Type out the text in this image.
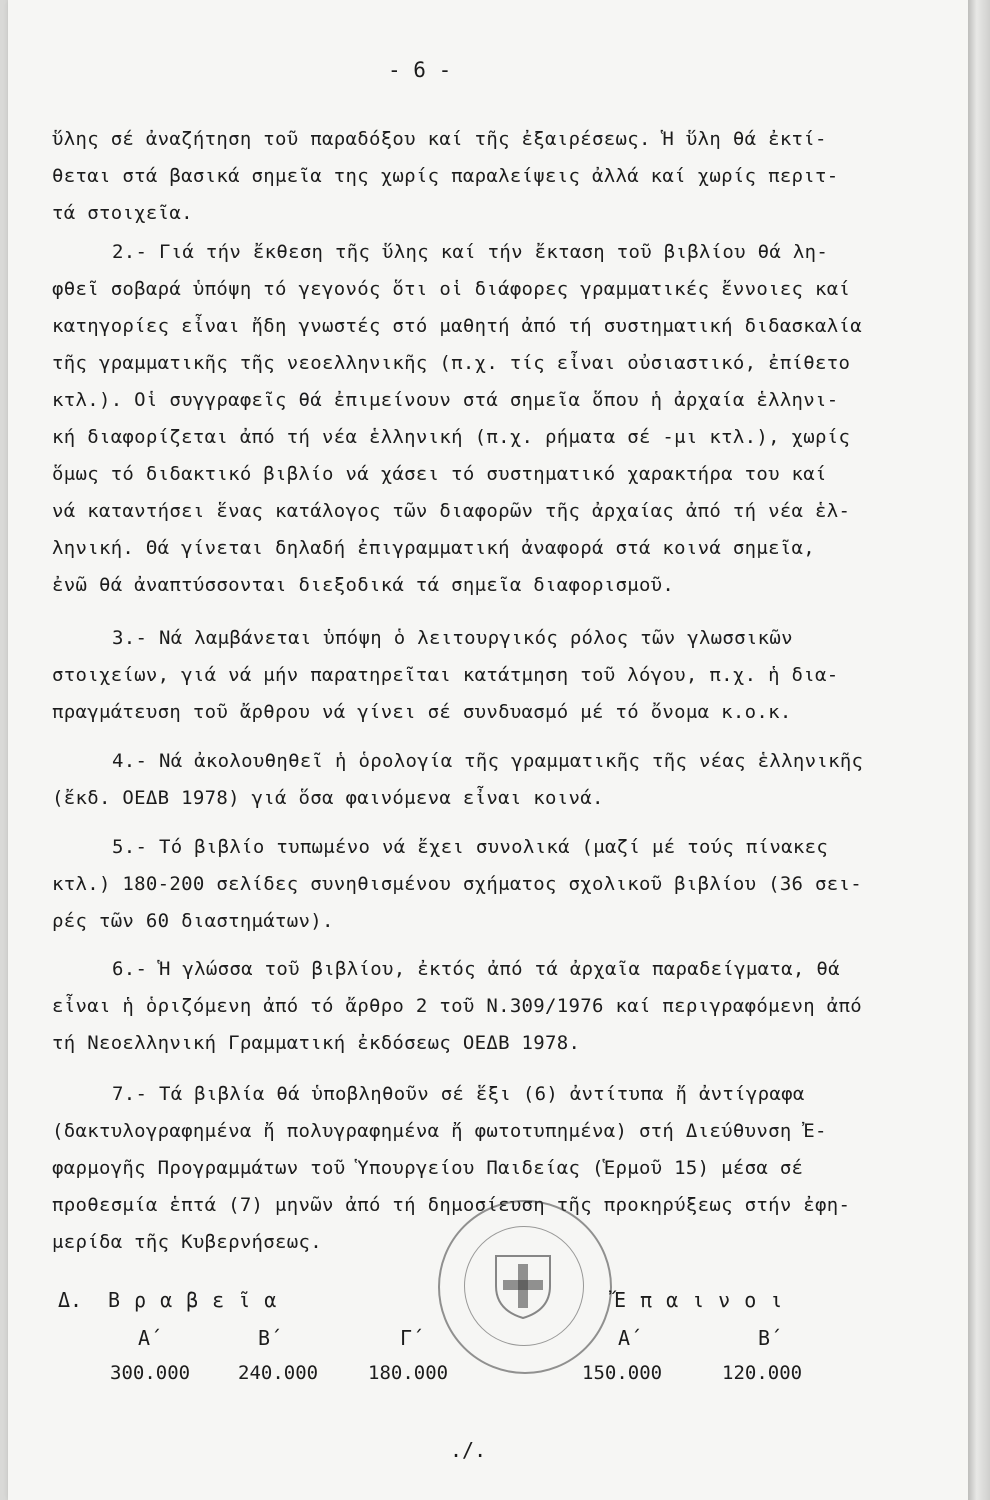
- 6 -
ὕλης σέ ἀναζήτηση τοῦ παραδόξου καί τῆς ἐξαιρέσεως. Ἡ ὕλη θά ἐκτί-
θεται στά βασικά σημεῖα της χωρίς παραλείψεις ἀλλά καί χωρίς περιτ-
τά στοιχεῖα.
2.- Γιά τήν ἔκθεση τῆς ὕλης καί τήν ἔκταση τοῦ βιβλίου θά λη-
φθεῖ σοβαρά ὑπόψη τό γεγονός ὅτι οἱ διάφορες γραμματικές ἔννοιες καί
κατηγορίες εἶναι ἤδη γνωστές στό μαθητή ἀπό τή συστηματική διδασκαλία
τῆς γραμματικῆς τῆς νεοελληνικῆς (π.χ. τίς εἶναι οὐσιαστικό, ἐπίθετο
κτλ.). Οἱ συγγραφεῖς θά ἐπιμείνουν στά σημεῖα ὅπου ἡ ἀρχαία ἑλληνι-
κή διαφορίζεται ἀπό τή νέα ἑλληνική (π.χ. ρήματα σέ -μι κτλ.), χωρίς
ὅμως τό διδακτικό βιβλίο νά χάσει τό συστηματικό χαρακτήρα του καί
νά καταντήσει ἕνας κατάλογος τῶν διαφορῶν τῆς ἀρχαίας ἀπό τή νέα ἑλ-
ληνική. Θά γίνεται δηλαδή ἐπιγραμματική ἀναφορά στά κοινά σημεῖα,
ἐνῶ θά ἀναπτύσσονται διεξοδικά τά σημεῖα διαφορισμοῦ.
3.- Νά λαμβάνεται ὑπόψη ὁ λειτουργικός ρόλος τῶν γλωσσικῶν
στοιχείων, γιά νά μήν παρατηρεῖται κατάτμηση τοῦ λόγου, π.χ. ἡ δια-
πραγμάτευση τοῦ ἄρθρου νά γίνει σέ συνδυασμό μέ τό ὄνομα κ.ο.κ.
4.- Νά ἀκολουθηθεῖ ἡ ὁρολογία τῆς γραμματικῆς τῆς νέας ἑλληνικῆς
(ἔκδ. ΟΕΔΒ 1978) γιά ὅσα φαινόμενα εἶναι κοινά.
5.- Τό βιβλίο τυπωμένο νά ἔχει συνολικά (μαζί μέ τούς πίνακες
κτλ.) 180-200 σελίδες συνηθισμένου σχήματος σχολικοῦ βιβλίου (36 σει-
ρές τῶν 60 διαστημάτων).
6.- Ἡ γλώσσα τοῦ βιβλίου, ἐκτός ἀπό τά ἀρχαῖα παραδείγματα, θά
εἶναι ἡ ὁριζόμενη ἀπό τό ἄρθρο 2 τοῦ Ν.309/1976 καί περιγραφόμενη ἀπό
τή Νεοελληνική Γραμματική ἐκδόσεως ΟΕΔΒ 1978.
7.- Τά βιβλία θά ὑποβληθοῦν σέ ἕξι (6) ἀντίτυπα ἤ ἀντίγραφα
(δακτυλογραφημένα ἤ πολυγραφημένα ἤ φωτοτυπημένα) στή Διεύθυνση Ἐ-
φαρμογῆς Προγραμμάτων τοῦ Ὑπουργείου Παιδείας (Ἑρμοῦ 15) μέσα σέ
προθεσμία ἑπτά (7) μηνῶν ἀπό τή δημοσίευση τῆς προκηρύξεως στήν ἐφη-
μερίδα τῆς Κυβερνήσεως.
Δ. Βραβεῖα	Ἔπαινοι
Α΄	Β΄	Γ΄	Α΄	Β΄
300.000	240.000	180.000	150.000	120.000
./.
